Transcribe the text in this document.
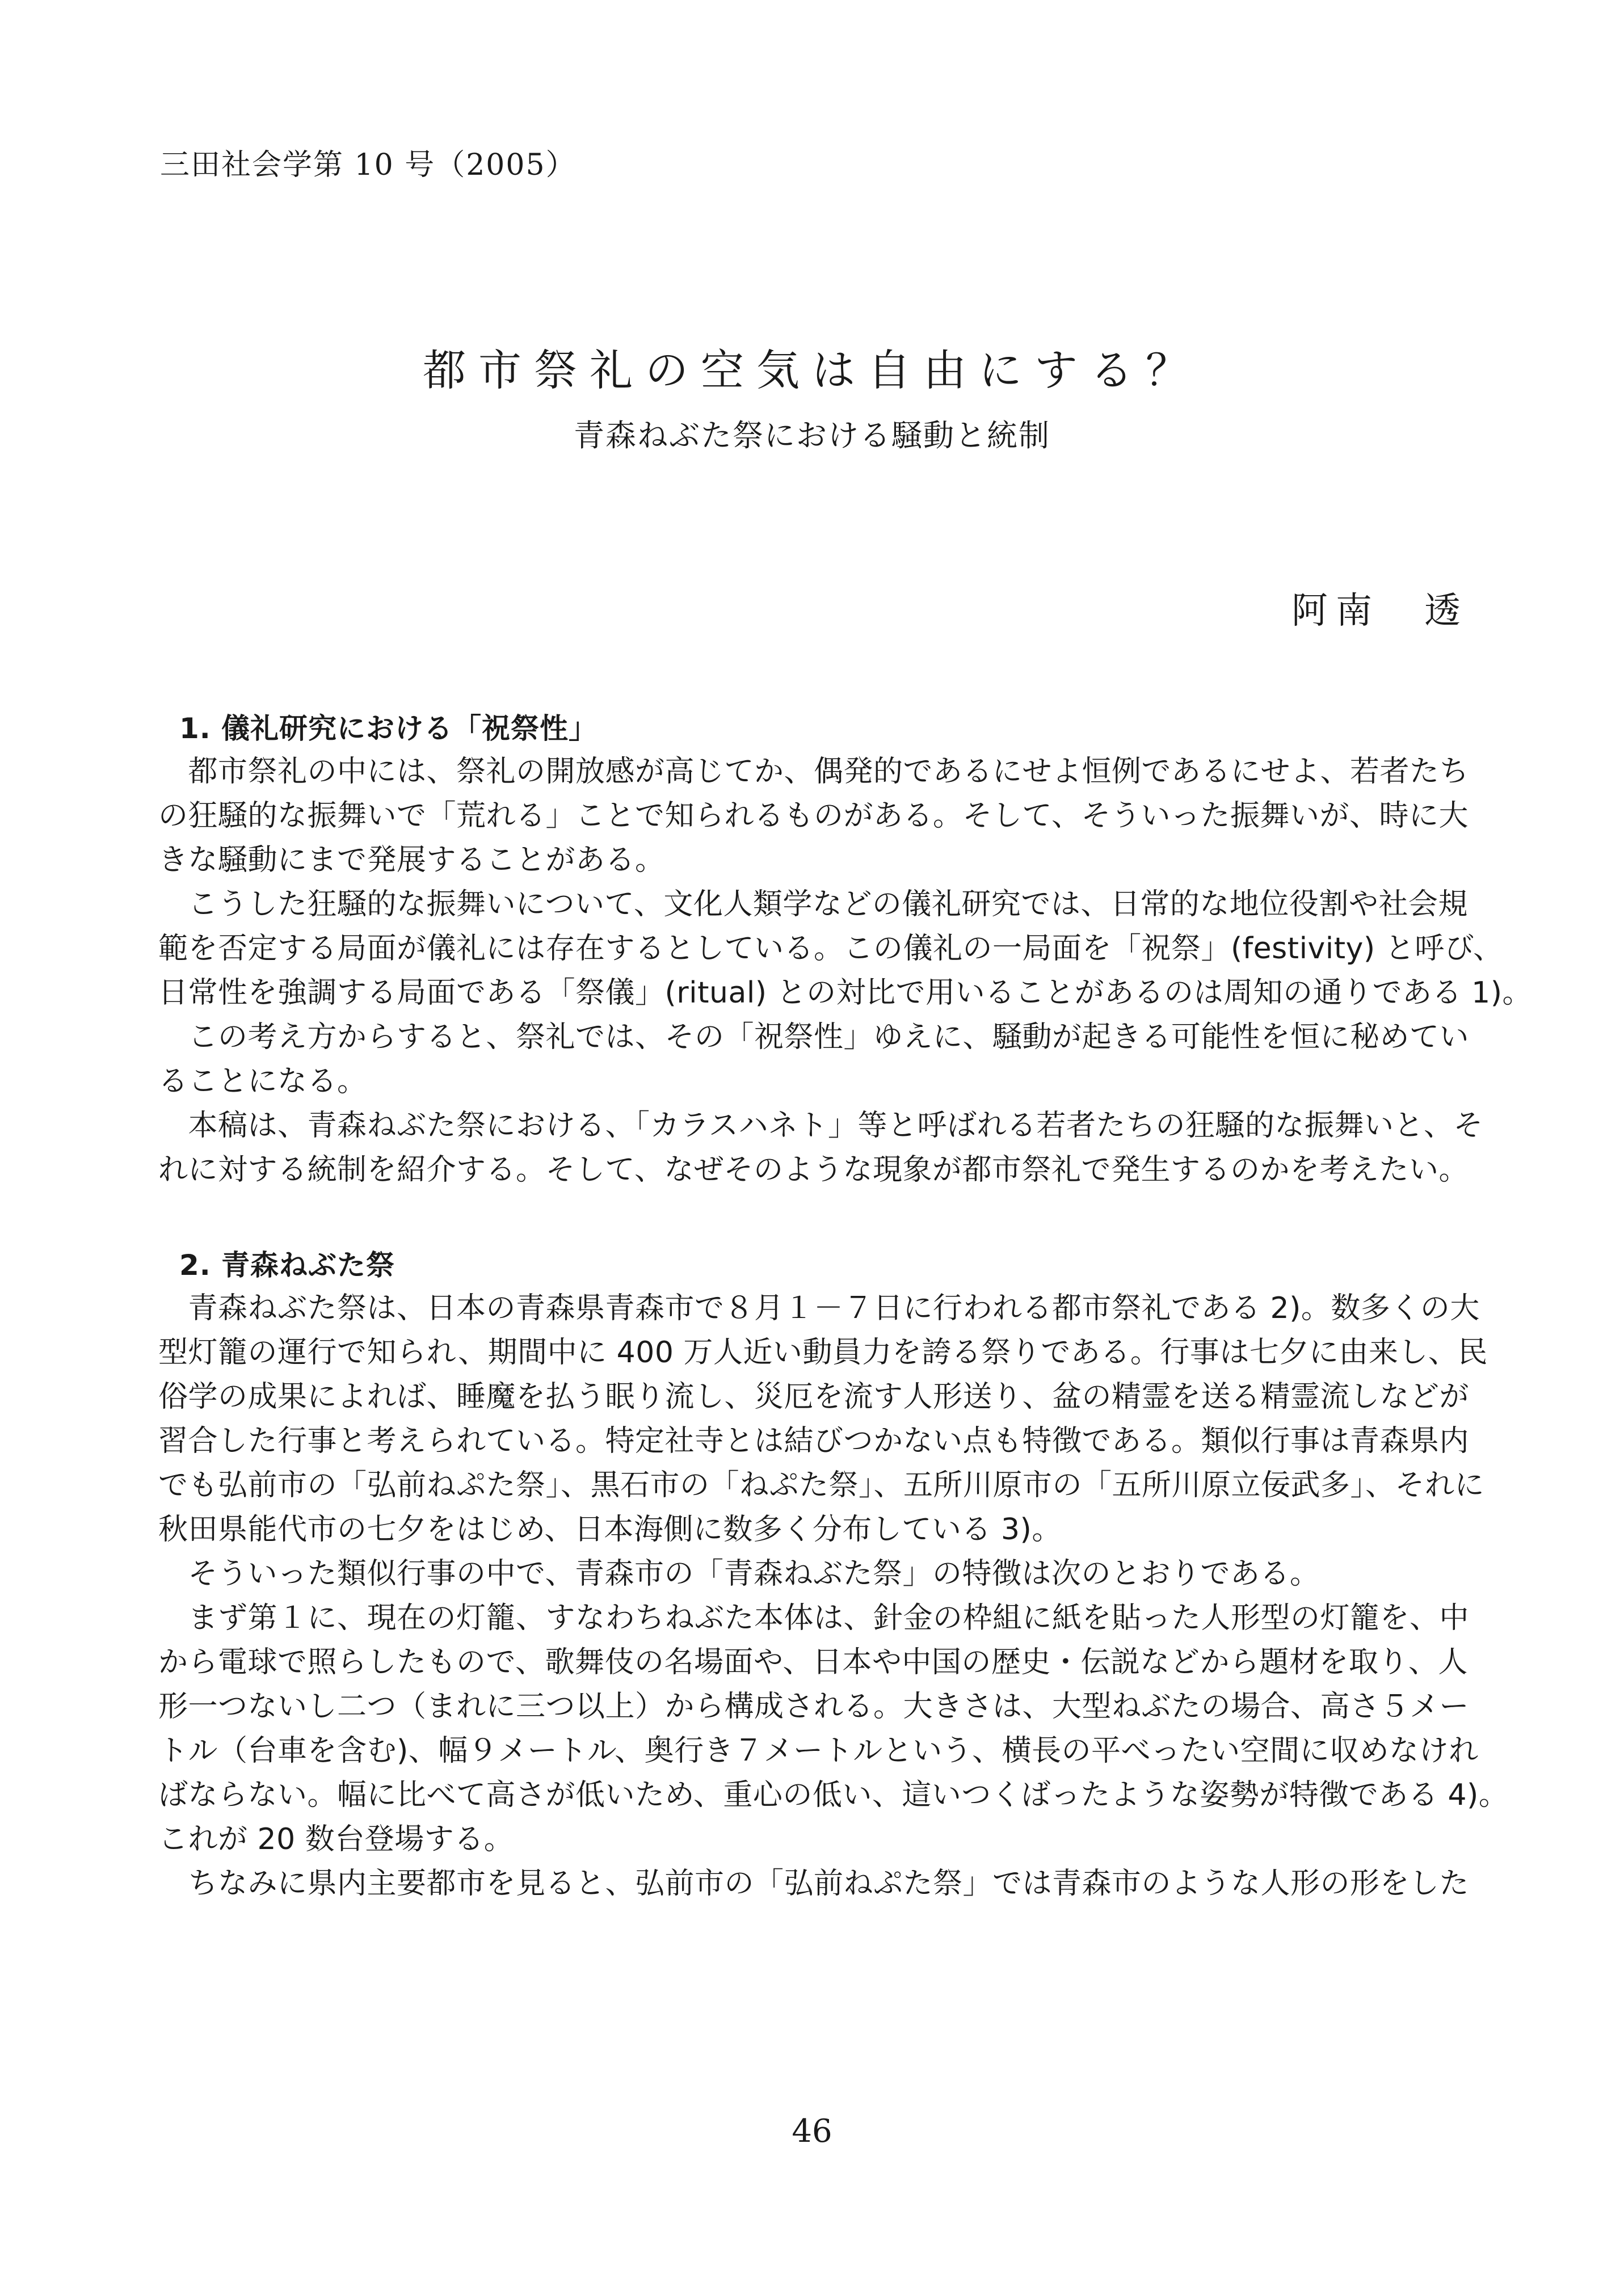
三田社会学第 10 号（2005）
都市祭礼の空気は自由にする？
青森ねぶた祭における騒動と統制
阿南　透
1. 儀礼研究における「祝祭性」
　都市祭礼の中には、祭礼の開放感が高じてか、偶発的であるにせよ恒例であるにせよ、若者たち
の狂騒的な振舞いで「荒れる」ことで知られるものがある。そして、そういった振舞いが、時に大
きな騒動にまで発展することがある。
　こうした狂騒的な振舞いについて、文化人類学などの儀礼研究では、日常的な地位役割や社会規
範を否定する局面が儀礼には存在するとしている。この儀礼の一局面を「祝祭」(festivity) と呼び、
日常性を強調する局面である「祭儀」(ritual) との対比で用いることがあるのは周知の通りである 1)。
　この考え方からすると、祭礼では、その「祝祭性」ゆえに、騒動が起きる可能性を恒に秘めてい
ることになる。
　本稿は、青森ねぶた祭における、「カラスハネト」等と呼ばれる若者たちの狂騒的な振舞いと、そ
れに対する統制を紹介する。そして、なぜそのような現象が都市祭礼で発生するのかを考えたい。
2. 青森ねぶた祭
　青森ねぶた祭は、日本の青森県青森市で８月１－７日に行われる都市祭礼である 2)。数多くの大
型灯籠の運行で知られ、期間中に 400 万人近い動員力を誇る祭りである。行事は七夕に由来し、民
俗学の成果によれば、睡魔を払う眠り流し、災厄を流す人形送り、盆の精霊を送る精霊流しなどが
習合した行事と考えられている。特定社寺とは結びつかない点も特徴である。類似行事は青森県内
でも弘前市の「弘前ねぷた祭」、黒石市の「ねぷた祭」、五所川原市の「五所川原立佞武多」、それに
秋田県能代市の七夕をはじめ、日本海側に数多く分布している 3)。
　そういった類似行事の中で、青森市の「青森ねぶた祭」の特徴は次のとおりである。
　まず第１に、現在の灯籠、すなわちねぶた本体は、針金の枠組に紙を貼った人形型の灯籠を、中
から電球で照らしたもので、歌舞伎の名場面や、日本や中国の歴史・伝説などから題材を取り、人
形一つないし二つ（まれに三つ以上）から構成される。大きさは、大型ねぶたの場合、高さ５メー
トル（台車を含む)、幅９メートル、奥行き７メートルという、横長の平べったい空間に収めなけれ
ばならない。幅に比べて高さが低いため、重心の低い、這いつくばったような姿勢が特徴である 4)。
これが 20 数台登場する。
　ちなみに県内主要都市を見ると、弘前市の「弘前ねぷた祭」では青森市のような人形の形をした
46
